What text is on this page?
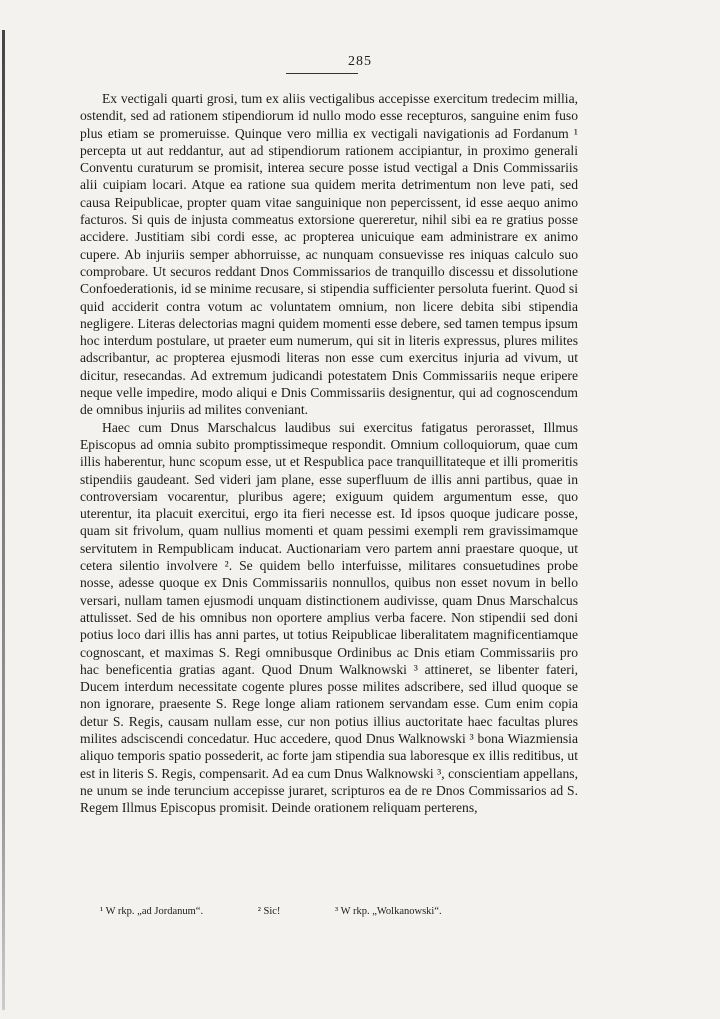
285

Ex vectigali quarti grosi, tum ex aliis vectigalibus accepisse exercitum tredecim millia, ostendit, sed ad rationem stipendiorum id nullo modo esse recepturos, sanguine enim fuso plus etiam se promeruisse. Quinque vero millia ex vectigali navigationis ad Fordanum ¹ percepta ut aut reddantur, aut ad stipendiorum rationem accipiantur, in proximo generali Conventu curaturum se promisit, interea secure posse istud vectigal a Dnis Commissariis alii cuipiam locari. Atque ea ratione sua quidem merita detrimentum non leve pati, sed causa Reipublicae, propter quam vitae sanguinique non pepercissent, id esse aequo animo facturos. Si quis de injusta commeatus extorsione quereretur, nihil sibi ea re gratius posse accidere. Justitiam sibi cordi esse, ac propterea unicuique eam administrare ex animo cupere. Ab injuriis semper abhorruisse, ac nunquam consuevisse res iniquas calculo suo comprobare. Ut securos reddant Dnos Commissarios de tranquillo discessu et dissolutione Confoederationis, id se minime recusare, si stipendia sufficienter persoluta fuerint. Quod si quid acciderit contra votum ac voluntatem omnium, non licere debita sibi stipendia negligere. Literas delectorias magni quidem momenti esse debere, sed tamen tempus ipsum hoc interdum postulare, ut praeter eum numerum, qui sit in literis expressus, plures milites adscribantur, ac propterea ejusmodi literas non esse cum exercitus injuria ad vivum, ut dicitur, resecandas. Ad extremum judicandi potestatem Dnis Commissariis neque eripere neque velle impedire, modo aliqui e Dnis Commissariis designentur, qui ad cognoscendum de omnibus injuriis ad milites conveniant.

Haec cum Dnus Marschalcus laudibus sui exercitus fatigatus perorasset, Illmus Episcopus ad omnia subito promptissimeque respondit. Omnium colloquiorum, quae cum illis haberentur, hunc scopum esse, ut et Respublica pace tranquillitateque et illi promeritis stipendiis gaudeant. Sed videri jam plane, esse superfluum de illis anni partibus, quae in controversiam vocarentur, pluribus agere; exiguum quidem argumentum esse, quo uterentur, ita placuit exercitui, ergo ita fieri necesse est. Id ipsos quoque judicare posse, quam sit frivolum, quam nullius momenti et quam pessimi exempli rem gravissimamque servitutem in Rempublicam inducat. Auctionariam vero partem anni praestare quoque, ut cetera silentio involvere ². Se quidem bello interfuisse, militares consuetudines probe nosse, adesse quoque ex Dnis Commissariis nonnullos, quibus non esset novum in bello versari, nullam tamen ejusmodi unquam distinctionem audivisse, quam Dnus Marschalcus attulisset. Sed de his omnibus non oportere amplius verba facere. Non stipendii sed doni potius loco dari illis has anni partes, ut totius Reipublicae liberalitatem magnificentiamque cognoscant, et maximas S. Regi omnibusque Ordinibus ac Dnis etiam Commissariis pro hac beneficentia gratias agant. Quod Dnum Walknowski ³ attineret, se libenter fateri, Ducem interdum necessitate cogente plures posse milites adscribere, sed illud quoque se non ignorare, praesente S. Rege longe aliam rationem servandam esse. Cum enim copia detur S. Regis, causam nullam esse, cur non potius illius auctoritate haec facultas plures milites adsciscendi concedatur. Huc accedere, quod Dnus Walknowski ³ bona Wiazmiensia aliquo temporis spatio possederit, ac forte jam stipendia sua laboresque ex illis reditibus, ut est in literis S. Regis, compensarit. Ad ea cum Dnus Walknowski ³, conscientiam appellans, ne unum se inde teruncium accepisse juraret, scripturos ea de re Dnos Commissarios ad S. Regem Illmus Episcopus promisit. Deinde orationem reliquam perterens,

¹ W rkp. „ad Jordanum“.	² Sic!	³ W rkp. „Wolkanowski“.
